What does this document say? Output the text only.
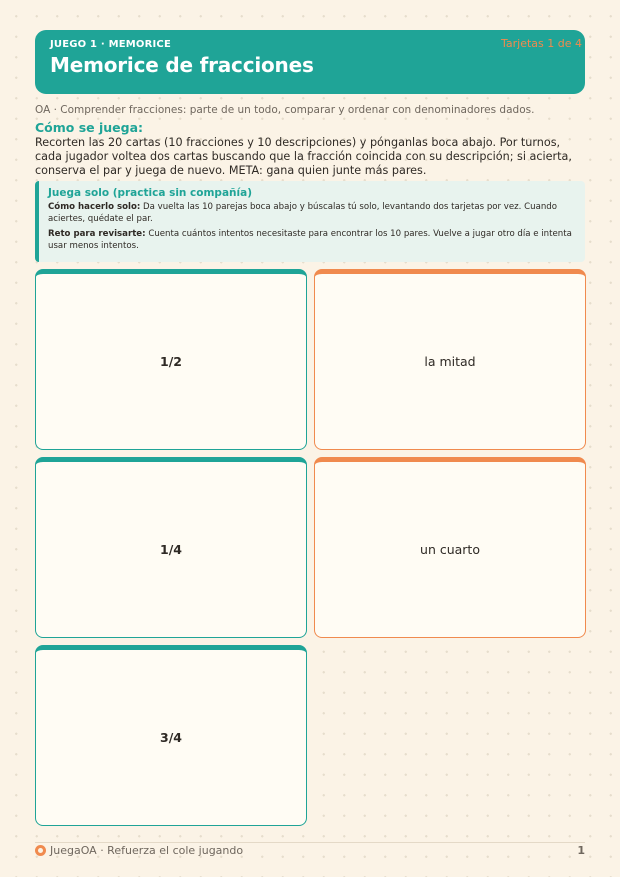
JUEGO 1 · MEMORICE
Memorice de fracciones
Tarjetas 1 de 4
OA · Comprender fracciones: parte de un todo, comparar y ordenar con denominadores dados.
Cómo se juega:
Recorten las 20 cartas (10 fracciones y 10 descripciones) y pónganlas boca abajo. Por turnos, cada jugador voltea dos cartas buscando que la fracción coincida con su descripción; si acierta, conserva el par y juega de nuevo. META: gana quien junte más pares.
Juega solo (practica sin compañía)

Cómo hacerlo solo: Da vuelta las 10 parejas boca abajo y búscalas tú solo, levantando dos tarjetas por vez. Cuando aciertes, quédate el par.

Reto para revisarte: Cuenta cuántos intentos necesitaste para encontrar los 10 pares. Vuelve a jugar otro día e intenta usar menos intentos.

1/2	la mitad
1/4	un cuarto
3/4
JuegaOA · Refuerza el cole jugando	1
